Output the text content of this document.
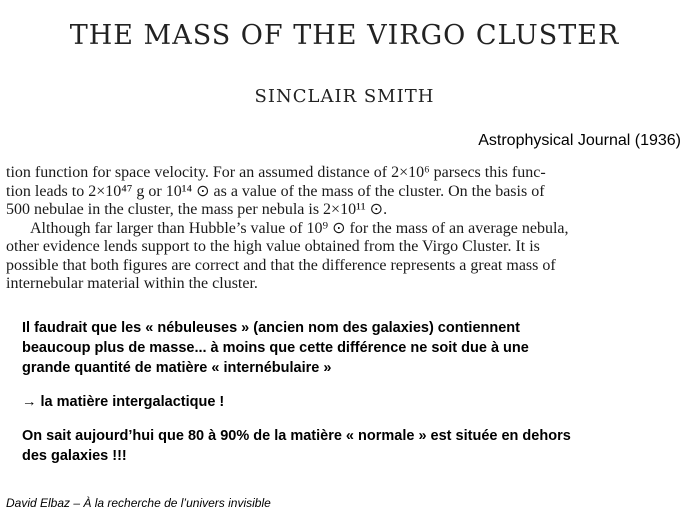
THE MASS OF THE VIRGO CLUSTER
SINCLAIR SMITH
Astrophysical Journal (1936)
tion function for space velocity. For an assumed distance of 2×10⁶ parsecs this func-
tion leads to 2×10⁴⁷ g or 10¹⁴ ⊙ as a value of the mass of the cluster. On the basis of
500 nebulae in the cluster, the mass per nebula is 2×10¹¹ ⊙.
Although far larger than Hubble’s value of 10⁹ ⊙ for the mass of an average nebula,
other evidence lends support to the high value obtained from the Virgo Cluster. It is
possible that both figures are correct and that the difference represents a great mass of
internebular material within the cluster.

Il faudrait que les « nébuleuses » (ancien nom des galaxies) contiennent

beaucoup plus de masse... à moins que cette différence ne soit due à une

grande quantité de matière « internébulaire »

→ la matière intergalactique !

On sait aujourd’hui que 80 à 90% de la matière « normale » est située en dehors

des galaxies !!!

David Elbaz – À la recherche de l’univers invisible
